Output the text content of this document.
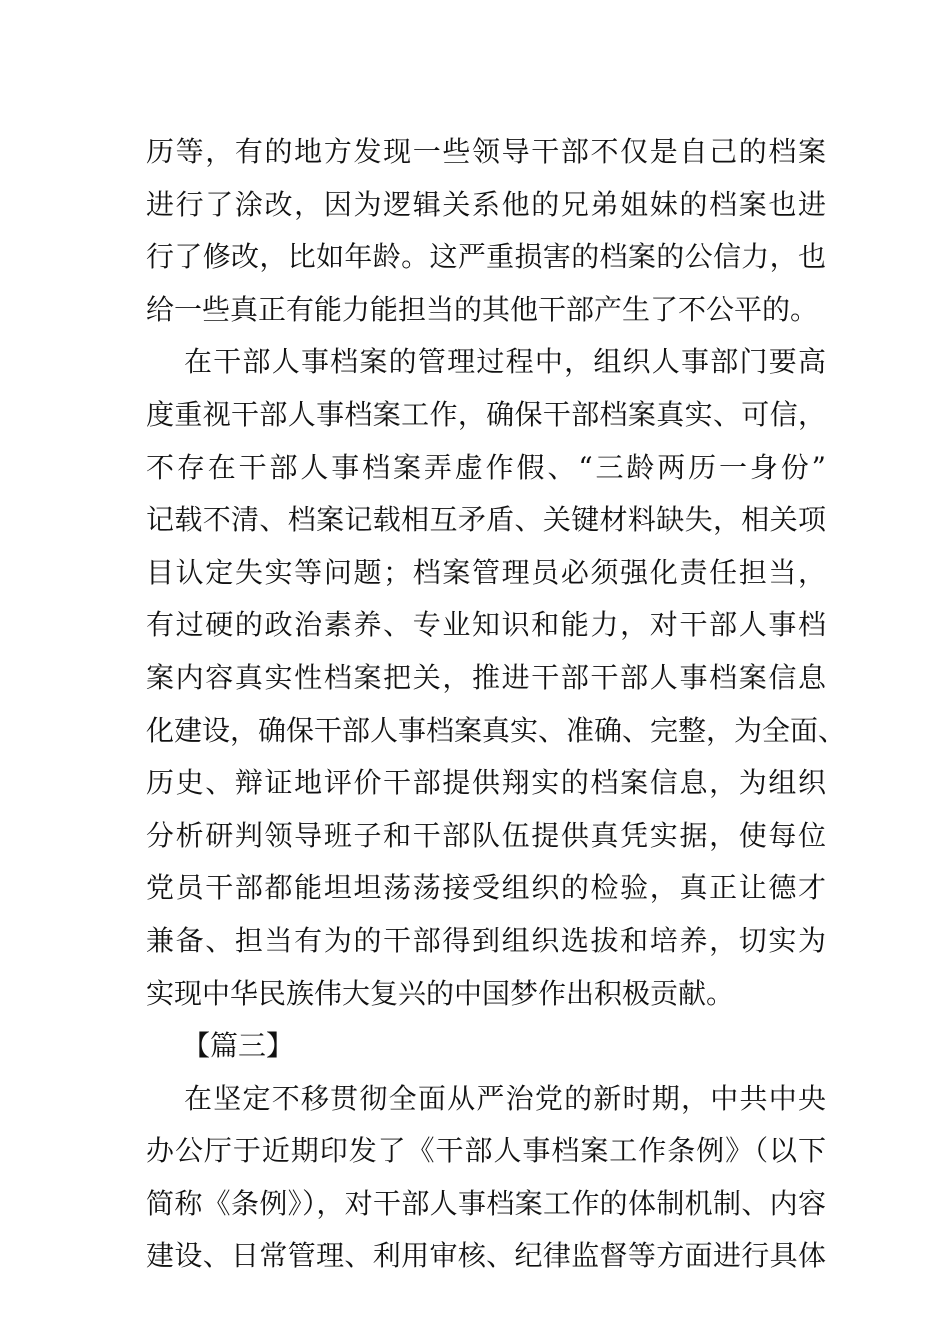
历等，有的地方发现一些领导干部不仅是自己的档案
进行了涂改，因为逻辑关系他的兄弟姐妹的档案也进
行了修改，比如年龄。这严重损害的档案的公信力，也
给一些真正有能力能担当的其他干部产生了不公平的。
在干部人事档案的管理过程中，组织人事部门要高
度重视干部人事档案工作，确保干部档案真实、可信，
不存在干部人事档案弄虚作假、“三龄两历一身份”
记载不清、档案记载相互矛盾、关键材料缺失，相关项
目认定失实等问题；档案管理员必须强化责任担当，
有过硬的政治素养、专业知识和能力，对干部人事档
案内容真实性档案把关，推进干部干部人事档案信息
化建设，确保干部人事档案真实、准确、完整，为全面、
历史、辩证地评价干部提供翔实的档案信息，为组织
分析研判领导班子和干部队伍提供真凭实据，使每位
党员干部都能坦坦荡荡接受组织的检验，真正让德才
兼备、担当有为的干部得到组织选拔和培养，切实为
实现中华民族伟大复兴的中国梦作出积极贡献。
【篇三】
在坚定不移贯彻全面从严治党的新时期，中共中央
办公厅于近期印发了《干部人事档案工作条例》（以下
简称《条例》），对干部人事档案工作的体制机制、内容
建设、日常管理、利用审核、纪律监督等方面进行具体
